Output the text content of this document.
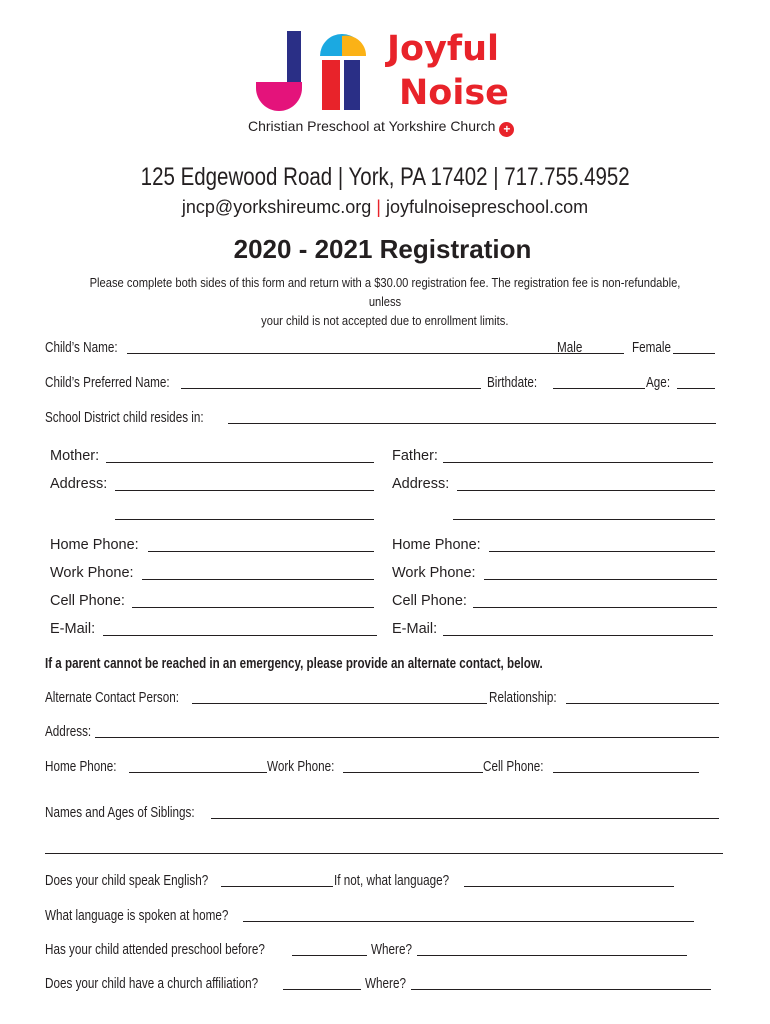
Joyful
Noise
Christian Preschool at Yorkshire Church +
125 Edgewood Road | York, PA 17402 | 717.755.4952
jncp@yorkshireumc.org | joyfulnoisepreschool.com
2020 - 2021 Registration
Please complete both sides of this form and return with a $30.00 registration fee. The registration fee is non-refundable, unless
your child is not accepted due to enrollment limits.
Child’s Name:	Male	Female
Child’s Preferred Name:	Birthdate:	Age:
School District child resides in:
Mother:
Address:
Home Phone:
Work Phone:
Cell Phone:
E-Mail:
Father:
Address:
Home Phone:
Work Phone:
Cell Phone:
E-Mail:
If a parent cannot be reached in an emergency, please provide an alternate contact, below.
Alternate Contact Person:	Relationship:
Address:
Home Phone:	Work Phone:	Cell Phone:
Names and Ages of Siblings:
Does your child speak English?	If not, what language?
What language is spoken at home?
Has your child attended preschool before?	Where?
Does your child have a church affiliation?	Where?
